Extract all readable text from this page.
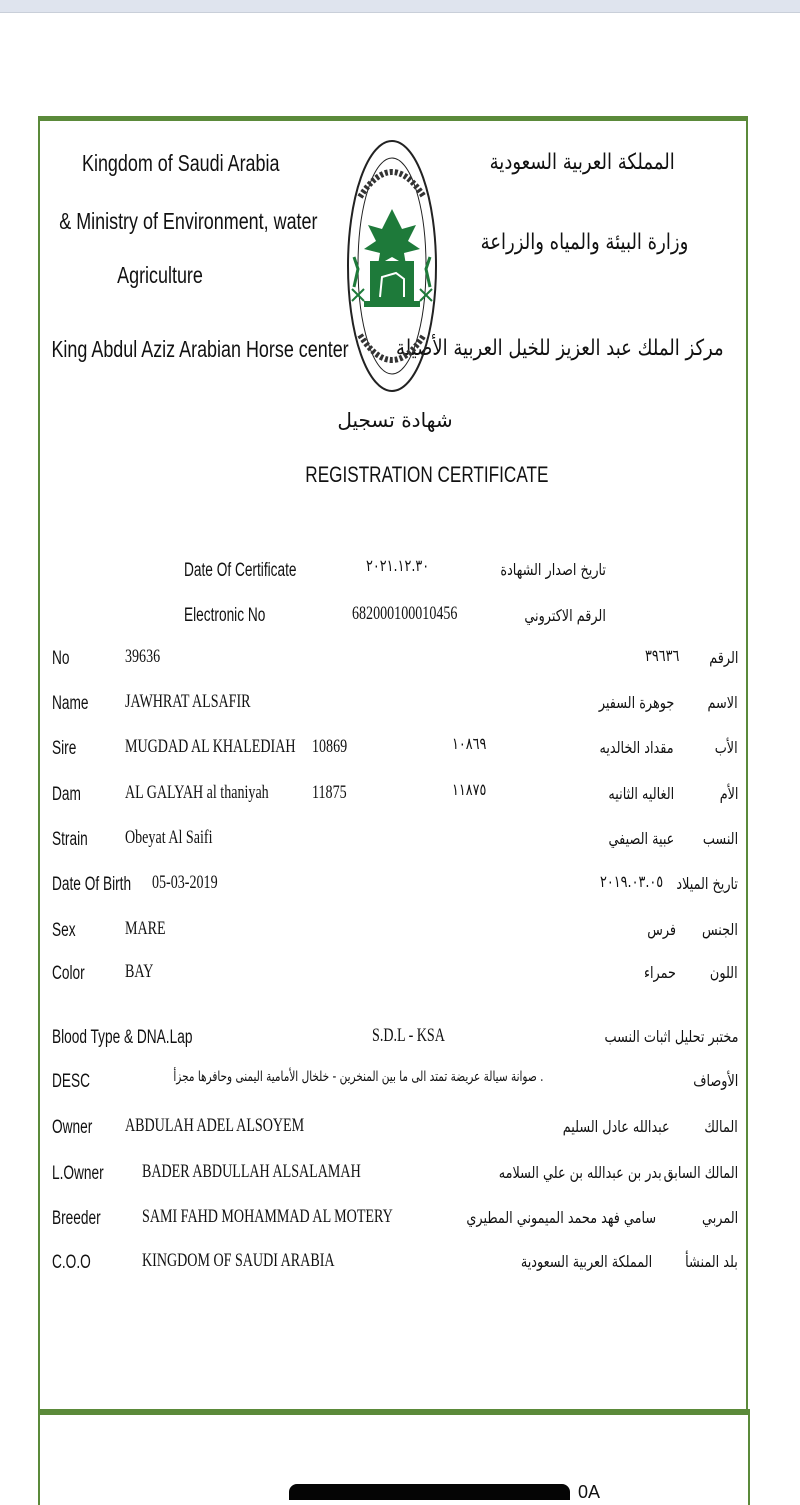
Kingdom of Saudi Arabia
& Ministry of Environment, water
Agriculture
King Abdul Aziz Arabian Horse center
المملكة العربية السعودية
وزارة البيئة والمياه والزراعة
مركز الملك عبد العزيز للخيل العربية الأصيلة
شهادة تسجيل
REGISTRATION CERTIFICATE
Date Of Certificate	٢٠٢١.١٢.٣٠	تاريخ اصدار الشهادة
Electronic No	682000100010456	الرقم الاكتروني
No	39636	٣٩٦٣٦ الرقم
Name JAWHRAT ALSAFIR	جوهرة السفير الاسم
Sire	MUGDAD AL KHALEDIAH 10869	١٠٨٦٩	مقداد الخالديه	الأب
Dam AL GALYAH al thaniyah 11875	١١٨٧٥	الغاليه الثانيه	الأم
Strain Obeyat Al Saifi	عبية الصيفي النسب
Date Of Birth 05-03-2019	٢٠١٩.٠٣.٠٥ تاريخ الميلاد
Sex	MARE	فرس الجنس
Color BAY	حمراء اللون
Blood Type & DNA.Lap	S.D.L - KSA	مختبر تحليل اثبات النسب
DESC	. صوانة سيالة عريضة تمتد الى ما بين المنخرين - خلخال الأمامية اليمنى وحافرها مجزأ	الأوصاف
Owner ABDULAH ADEL ALSOYEM	عبدالله عادل السليم المالك
L.Owner BADER ABDULLAH ALSALAMAH	بدر بن عبدالله بن علي السلامه المالك السابق
Breeder SAMI FAHD MOHAMMAD AL MOTERY	سامي فهد محمد الميموني المطيري	المربي
C.O.O	KINGDOM OF SAUDI ARABIA	المملكة العربية السعودية بلد المنشأ
0A
